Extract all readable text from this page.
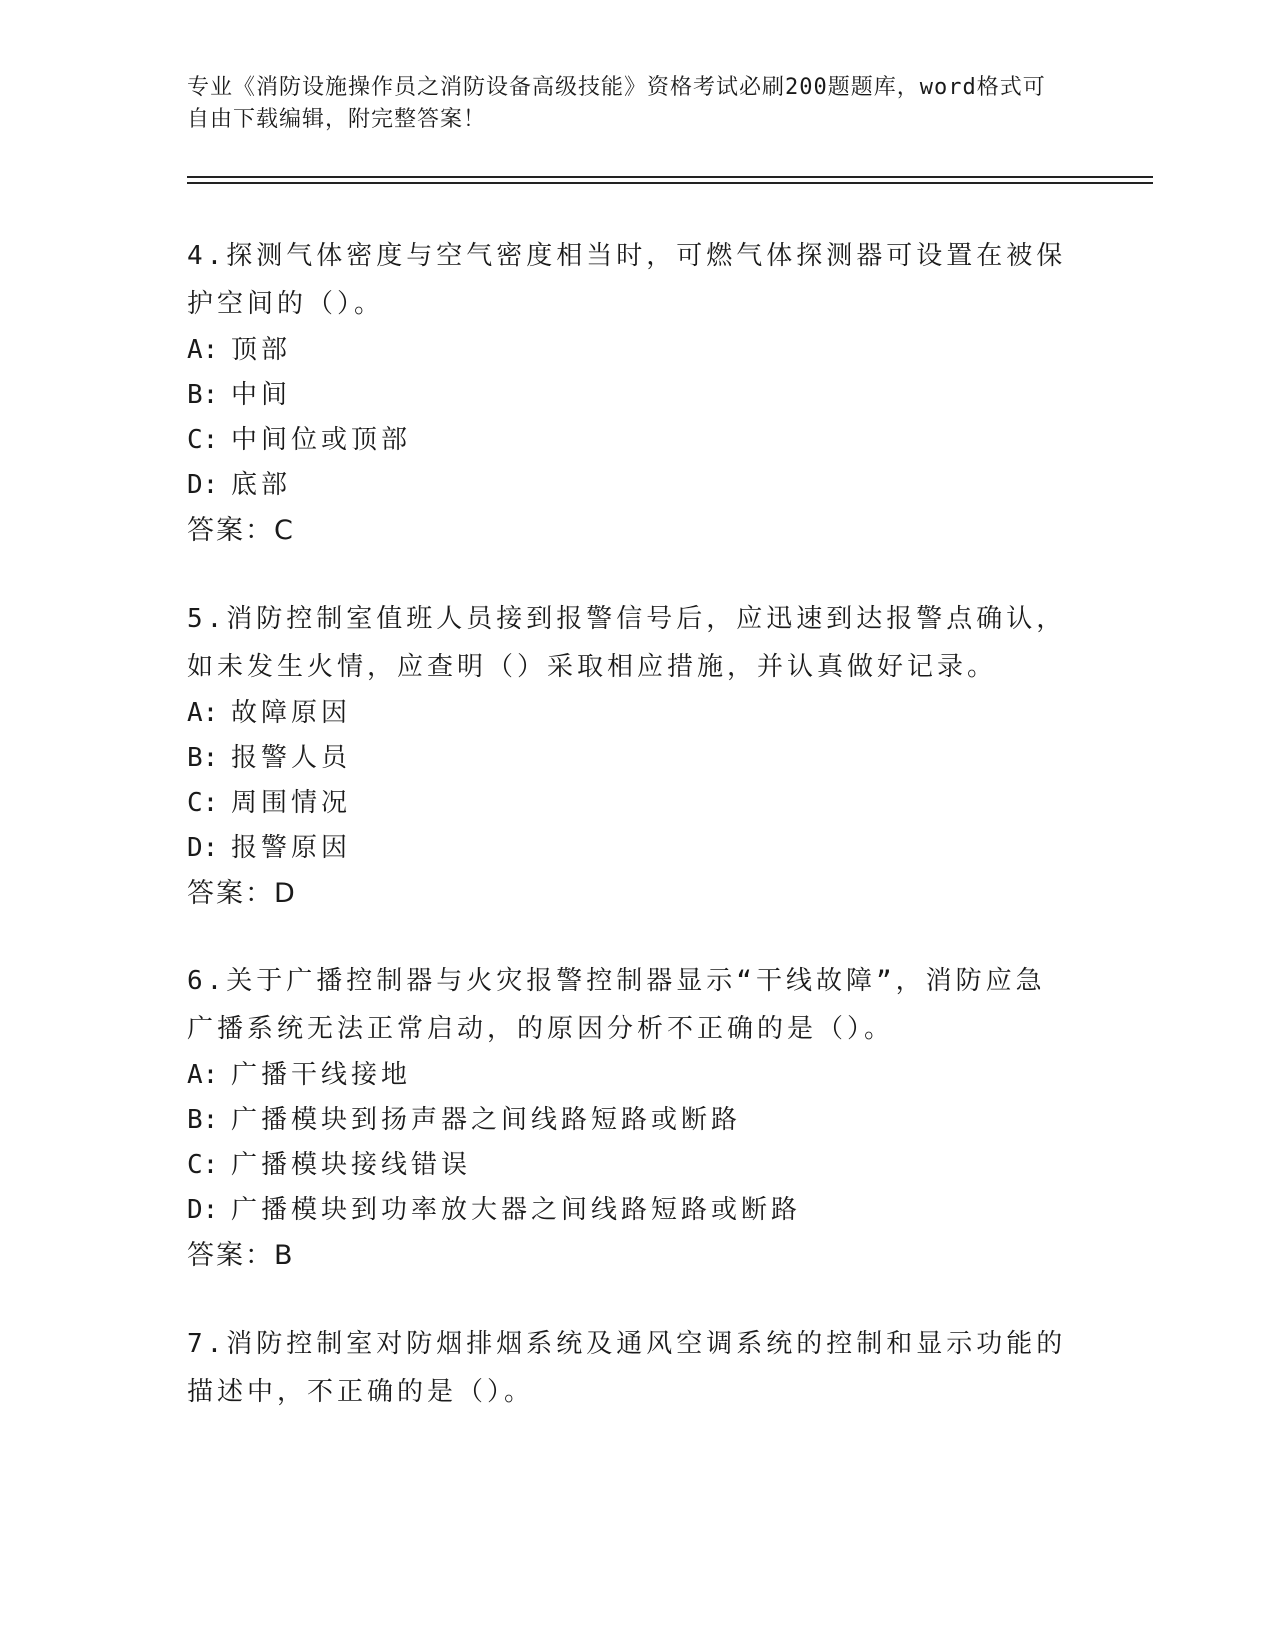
专业《消防设施操作员之消防设备高级技能》资格考试必刷200题题库，word格式可自由下载编辑，附完整答案！
4.探测气体密度与空气密度相当时，可燃气体探测器可设置在被保护空间的（）。
A: 顶部
B: 中间
C: 中间位或顶部
D: 底部
答案：C
5.消防控制室值班人员接到报警信号后，应迅速到达报警点确认，如未发生火情，应查明（）采取相应措施，并认真做好记录。
A: 故障原因
B: 报警人员
C: 周围情况
D: 报警原因
答案：D
6.关于广播控制器与火灾报警控制器显示“干线故障”，消防应急广播系统无法正常启动，的原因分析不正确的是（）。
A: 广播干线接地
B: 广播模块到扬声器之间线路短路或断路
C: 广播模块接线错误
D: 广播模块到功率放大器之间线路短路或断路
答案：B
7.消防控制室对防烟排烟系统及通风空调系统的控制和显示功能的描述中，不正确的是（）。
